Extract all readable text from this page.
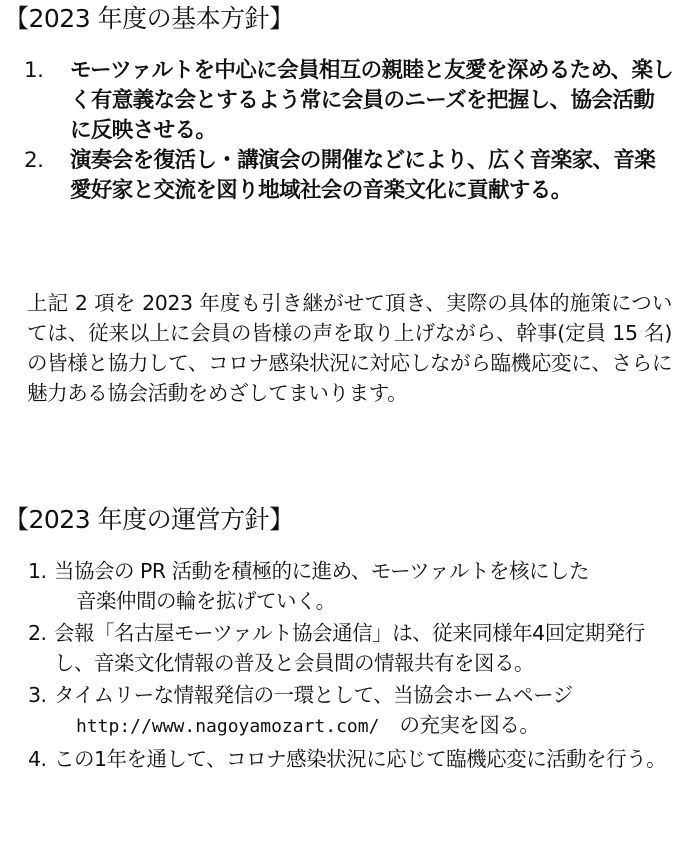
【2023 年度の基本方針】
1.	モーツァルトを中心に会員相互の親睦と友愛を深めるため、楽しく有意義な会とするよう常に会員のニーズを把握し、協会活動に反映させる。
2.	演奏会を復活し・講演会の開催などにより、広く音楽家、音楽愛好家と交流を図り地域社会の音楽文化に貢献する。

上記 2 項を 2023 年度も引き継がせて頂き、実際の具体的施策については、従来以上に会員の皆様の声を取り上げながら、幹事(定員 15 名)の皆様と協力して、コロナ感染状況に対応しながら臨機応変に、さらに魅力ある協会活動をめざしてまいります。

【2023 年度の運営方針】
1. 当協会の PR 活動を積極的に進め、モーツァルトを核にした
音楽仲間の輪を拡げていく。
2. 会報「名古屋モーツァルト協会通信」は、従来同様年4回定期発行し、音楽文化情報の普及と会員間の情報共有を図る。
3. タイムリーな情報発信の一環として、当協会ホームページ
http://www.nagoyamozart.com/　 の充実を図る。
4. この1年を通して、コロナ感染状況に応じて臨機応変に活動を行う。
